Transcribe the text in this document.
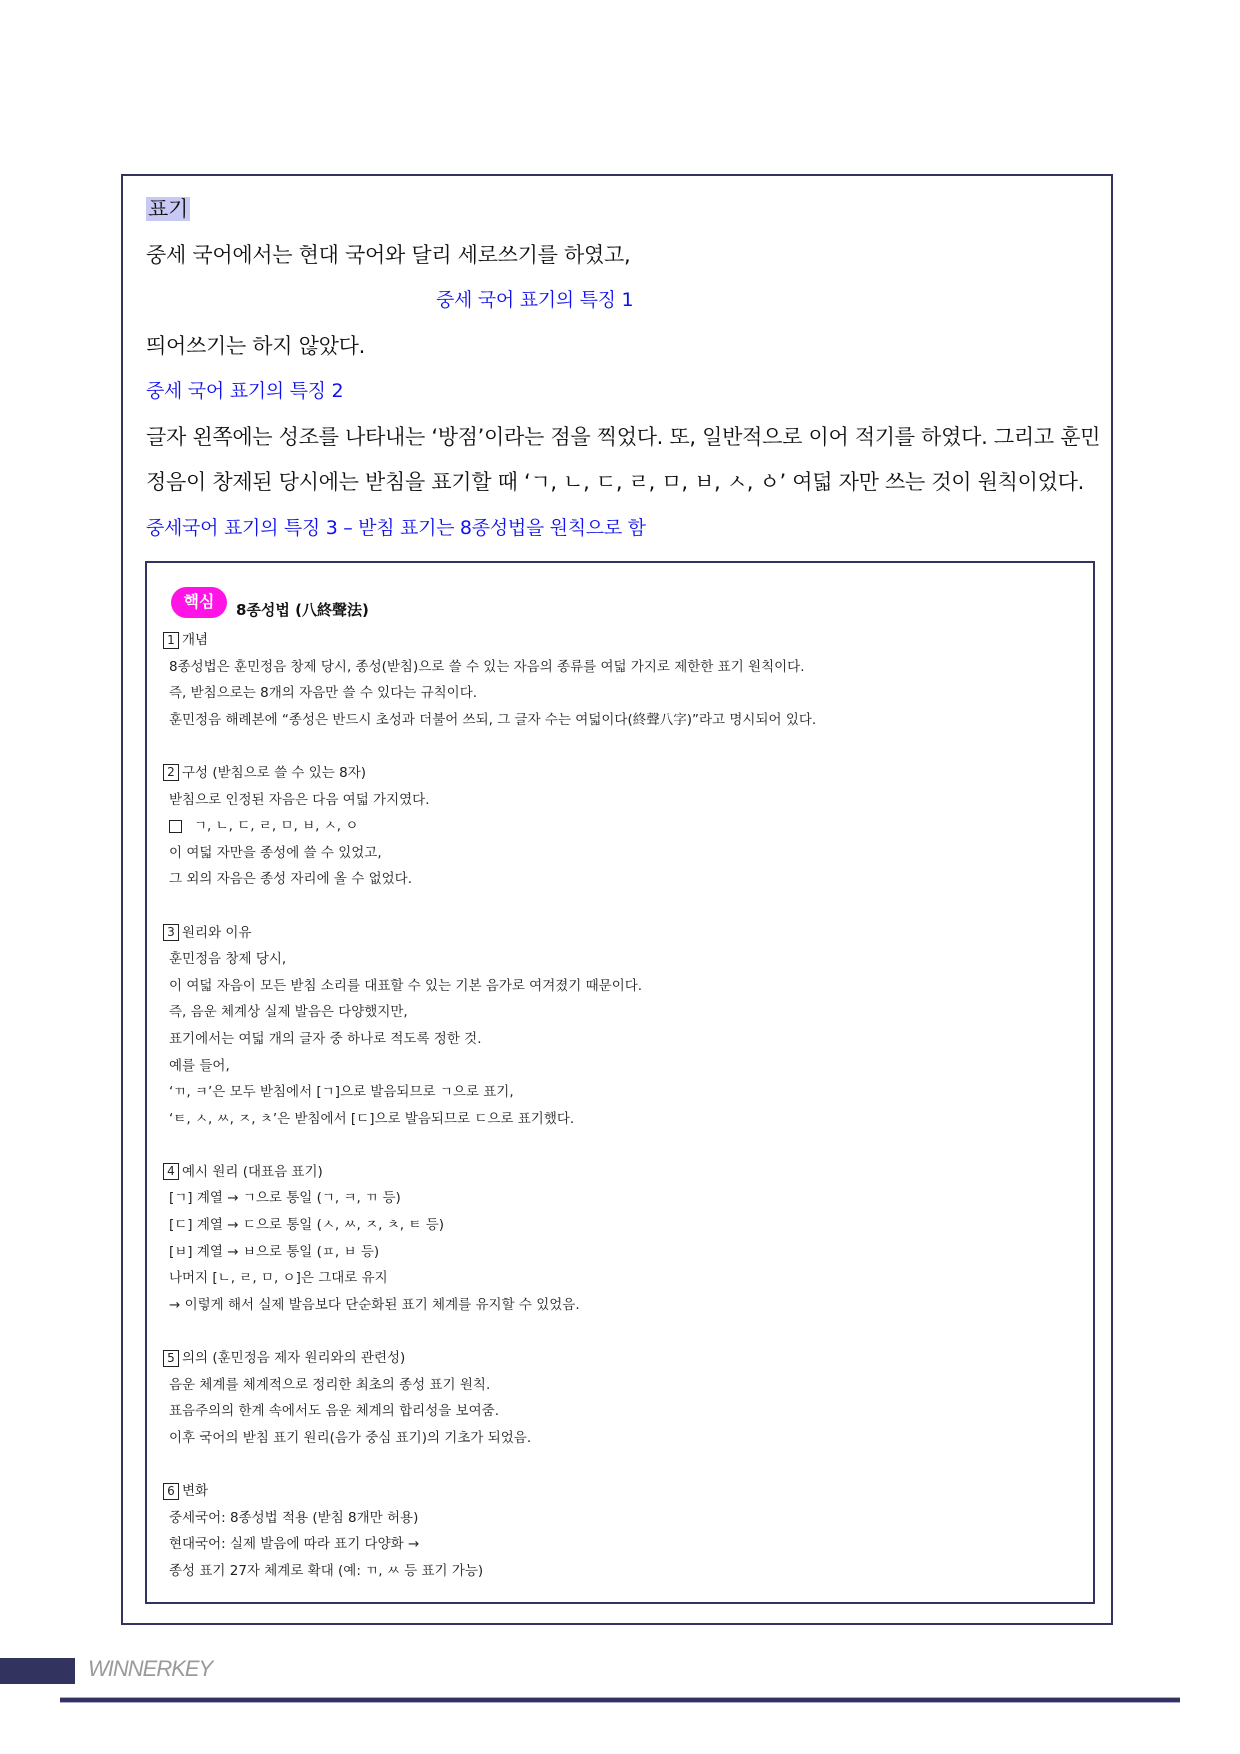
표기
중세 국어에서는 현대 국어와 달리 세로쓰기를 하였고,
중세 국어 표기의 특징 1
띄어쓰기는 하지 않았다.
중세 국어 표기의 특징 2
글자 왼쪽에는 성조를 나타내는 ‘방점’이라는 점을 찍었다. 또, 일반적으로 이어 적기를 하였다. 그리고 훈민
정음이 창제된 당시에는 받침을 표기할 때 ‘ㄱ, ㄴ, ㄷ, ㄹ, ㅁ, ㅂ, ㅅ, ㆁ’ 여덟 자만 쓰는 것이 원칙이었다.
중세국어 표기의 특징 3 – 받침 표기는 8종성법을 원칙으로 함
핵심	8종성법 (八終聲法)
1 개념
8종성법은 훈민정음 창제 당시, 종성(받침)으로 쓸 수 있는 자음의 종류를 여덟 가지로 제한한 표기 원칙이다.
즉, 받침으로는 8개의 자음만 쓸 수 있다는 규칙이다.
훈민정음 해례본에 “종성은 반드시 초성과 더불어 쓰되, 그 글자 수는 여덟이다(終聲八字)”라고 명시되어 있다.
2 구성 (받침으로 쓸 수 있는 8자)
받침으로 인정된 자음은 다음 여덟 가지였다.
ㄱ, ㄴ, ㄷ, ㄹ, ㅁ, ㅂ, ㅅ, ㅇ
이 여덟 자만을 종성에 쓸 수 있었고,
그 외의 자음은 종성 자리에 올 수 없었다.
3 원리와 이유
훈민정음 창제 당시,
이 여덟 자음이 모든 받침 소리를 대표할 수 있는 기본 음가로 여겨졌기 때문이다.
즉, 음운 체계상 실제 발음은 다양했지만,
표기에서는 여덟 개의 글자 중 하나로 적도록 정한 것.
예를 들어,
‘ㄲ, ㅋ’은 모두 받침에서 [ㄱ]으로 발음되므로 ㄱ으로 표기,
‘ㅌ, ㅅ, ㅆ, ㅈ, ㅊ’은 받침에서 [ㄷ]으로 발음되므로 ㄷ으로 표기했다.
4 예시 원리 (대표음 표기)
[ㄱ] 계열 → ㄱ으로 통일 (ㄱ, ㅋ, ㄲ 등)
[ㄷ] 계열 → ㄷ으로 통일 (ㅅ, ㅆ, ㅈ, ㅊ, ㅌ 등)
[ㅂ] 계열 → ㅂ으로 통일 (ㅍ, ㅂ 등)
나머지 [ㄴ, ㄹ, ㅁ, ㅇ]은 그대로 유지
→ 이렇게 해서 실제 발음보다 단순화된 표기 체계를 유지할 수 있었음.
5 의의 (훈민정음 제자 원리와의 관련성)
음운 체계를 체계적으로 정리한 최초의 종성 표기 원칙.
표음주의의 한계 속에서도 음운 체계의 합리성을 보여줌.
이후 국어의 받침 표기 원리(음가 중심 표기)의 기초가 되었음.
6 변화
중세국어: 8종성법 적용 (받침 8개만 허용)
현대국어: 실제 발음에 따라 표기 다양화 →
종성 표기 27자 체계로 확대 (예: ㄲ, ㅆ 등 표기 가능)
WINNERKEY
